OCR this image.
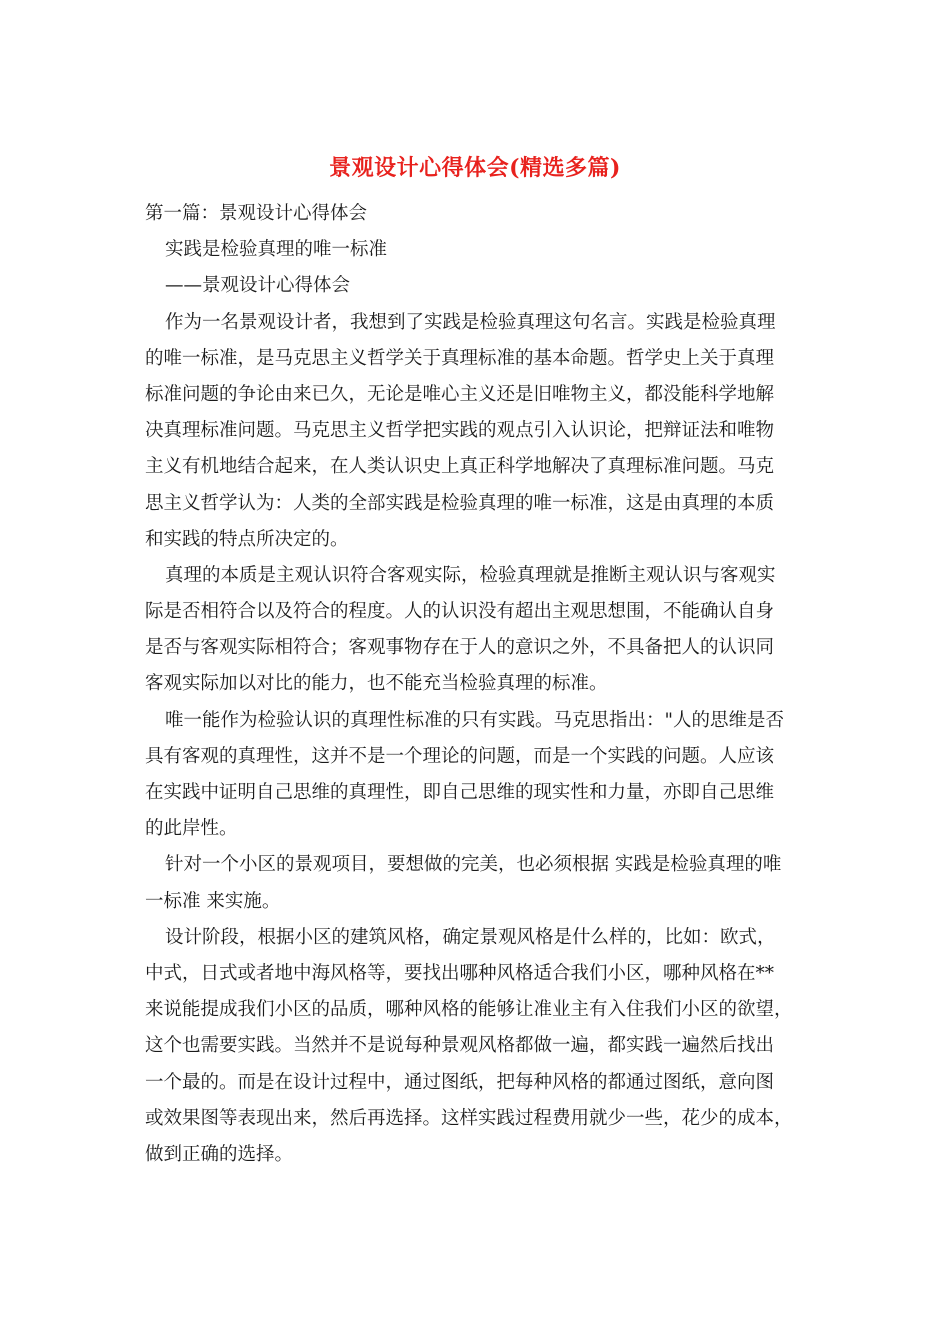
景观设计心得体会(精选多篇)
第一篇：景观设计心得体会
实践是检验真理的唯一标准
——景观设计心得体会
作为一名景观设计者，我想到了实践是检验真理这句名言。实践是检验真理
的唯一标准，是马克思主义哲学关于真理标准的基本命题。哲学史上关于真理
标准问题的争论由来已久，无论是唯心主义还是旧唯物主义，都没能科学地解
决真理标准问题。马克思主义哲学把实践的观点引入认识论，把辩证法和唯物
主义有机地结合起来，在人类认识史上真正科学地解决了真理标准问题。马克
思主义哲学认为：人类的全部实践是检验真理的唯一标准，这是由真理的本质
和实践的特点所决定的。
真理的本质是主观认识符合客观实际，检验真理就是推断主观认识与客观实
际是否相符合以及符合的程度。人的认识没有超出主观思想围，不能确认自身
是否与客观实际相符合；客观事物存在于人的意识之外，不具备把人的认识同
客观实际加以对比的能力，也不能充当检验真理的标准。
唯一能作为检验认识的真理性标准的只有实践。马克思指出："人的思维是否
具有客观的真理性，这并不是一个理论的问题，而是一个实践的问题。人应该
在实践中证明自己思维的真理性，即自己思维的现实性和力量，亦即自己思维
的此岸性。
针对一个小区的景观项目，要想做的完美，也必须根据 实践是检验真理的唯
一标准 来实施。
设计阶段，根据小区的建筑风格，确定景观风格是什么样的，比如：欧式，
中式，日式或者地中海风格等，要找出哪种风格适合我们小区，哪种风格在**
来说能提成我们小区的品质，哪种风格的能够让准业主有入住我们小区的欲望，
这个也需要实践。当然并不是说每种景观风格都做一遍，都实践一遍然后找出
一个最的。而是在设计过程中，通过图纸，把每种风格的都通过图纸，意向图
或效果图等表现出来，然后再选择。这样实践过程费用就少一些，花少的成本，
做到正确的选择。
